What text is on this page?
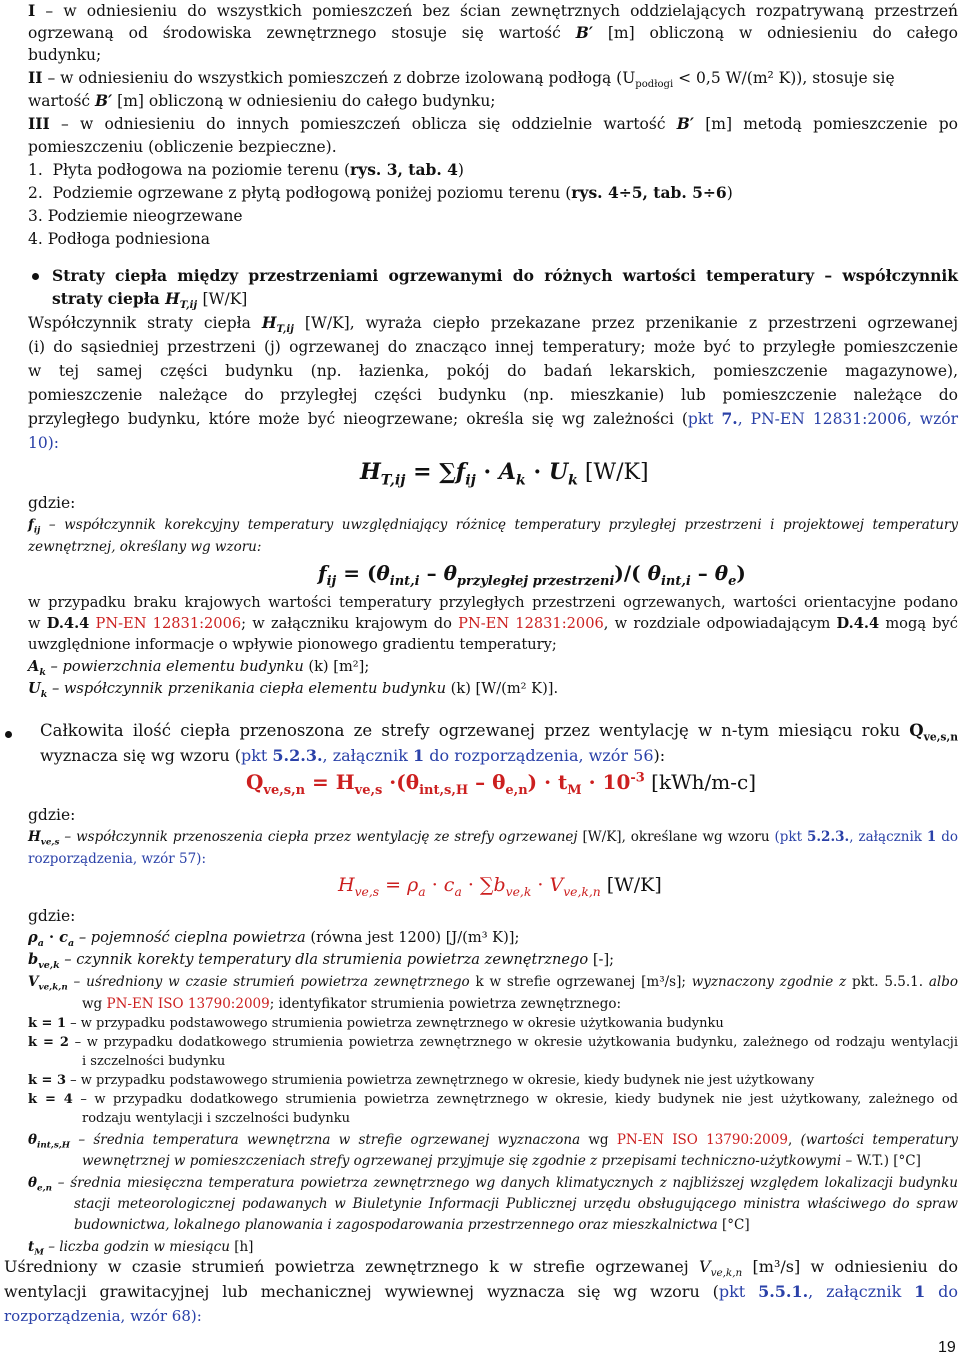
I – w odniesieniu do wszystkich pomieszczeń bez ścian zewnętrznych oddzielających rozpatrywaną przestrzeń

ogrzewaną od środowiska zewnętrznego stosuje się wartość B′ [m] obliczoną w odniesieniu do całego

budynku;

II – w odniesieniu do wszystkich pomieszczeń z dobrze izolowaną podłogą ($U_{podłogi} < 0,5$ W/(m² K)), stosuje się

wartość B′ [m] obliczoną w odniesieniu do całego budynku;

III – w odniesieniu do innych pomieszczeń oblicza się oddzielnie wartość B′ [m] metodą pomieszczenie po

pomieszczeniu (obliczenie bezpieczne).

1.  Płyta podłogowa na poziomie terenu (rys. 3, tab. 4)

2.  Podziemie ogrzewane z płytą podłogową poniżej poziomu terenu (rys. 4÷5, tab. 5÷6)

3. Podziemie nieogrzewane

4. Podłoga podniesiona

Straty ciepła między przestrzeniami ogrzewanymi do różnych wartości temperatury – współczynnik

straty ciepła $H_{T,ij}$ [W/K]

Współczynnik straty ciepła $H_{T,ij}$ [W/K], wyraża ciepło przekazane przez przenikanie z przestrzeni ogrzewanej

(i) do sąsiedniej przestrzeni (j) ogrzewanej do znacząco innej temperatury; może być to przyległe pomieszczenie

w tej samej części budynku (np. łazienka, pokój do badań lekarskich, pomieszczenie magazynowe),

pomieszczenie należące do przyległej części budynku (np. mieszkanie) lub pomieszczenie należące do

przyległego budynku, które może być nieogrzewane; określa się wg zależności (pkt 7., PN-EN 12831:2006, wzór

10):

$H_{T,ij} = \sum f_{ij} \cdot A_k \cdot U_k$ [W/K]

gdzie:

$f_{ij}$ – współczynnik korekcyjny temperatury uwzględniający różnicę temperatury przyległej przestrzeni i projektowej temperatury

zewnętrznej, określany wg wzoru:

$f_{ij} = (\theta_{int,i} - \theta_{przyległej przestrzeni})/$( $\theta_{int,i} - \theta_e$)

w przypadku braku krajowych wartości temperatury przyległych przestrzeni ogrzewanych, wartości orientacyjne podano

w D.4.4 PN-EN 12831:2006; w załączniku krajowym do PN-EN 12831:2006, w rozdziale odpowiadającym D.4.4 mogą być

uwzględnione informacje o wpływie pionowego gradientu temperatury;

$A_k$ – powierzchnia elementu budynku (k) [m²];

$U_k$ – współczynnik przenikania ciepła elementu budynku (k) [W/(m² K)].

Całkowita ilość ciepła przenoszona ze strefy ogrzewanej przez wentylację w n-tym miesiącu roku $Q_{ve,s,n}$

wyznacza się wg wzoru (pkt 5.2.3., załącznik 1 do rozporządzenia, wzór 56):

$Q_{ve,s,n} = H_{ve,s} \cdot(\theta_{int,s,H} - \theta_{e,n}) \cdot t_M \cdot 10^{-3}$ [kWh/m-c]

gdzie:

$H_{ve,s}$ – współczynnik przenoszenia ciepła przez wentylację ze strefy ogrzewanej [W/K], określane wg wzoru (pkt 5.2.3., załącznik 1 do

rozporządzenia, wzór 57):

$H_{ve,s} = \rho_a \cdot c_a \cdot \sum b_{ve,k} \cdot V_{ve,k,n}$ [W/K]

gdzie:

$\rho_a \cdot c_a$ – pojemność cieplna powietrza (równa jest 1200) [J/(m³ K)];

$b_{ve,k}$ – czynnik korekty temperatury dla strumienia powietrza zewnętrznego [-];

$V_{ve,k,n}$ – uśredniony w czasie strumień powietrza zewnętrznego k w strefie ogrzewanej [m³/s]; wyznaczony zgodnie z pkt. 5.5.1. albo

wg PN-EN ISO 13790:2009; identyfikator strumienia powietrza zewnętrznego:

k = 1 – w przypadku podstawowego strumienia powietrza zewnętrznego w okresie użytkowania budynku

k = 2 – w przypadku dodatkowego strumienia powietrza zewnętrznego w okresie użytkowania budynku, zależnego od rodzaju wentylacji

i szczelności budynku

k = 3 – w przypadku podstawowego strumienia powietrza zewnętrznego w okresie, kiedy budynek nie jest użytkowany

k = 4 – w przypadku dodatkowego strumienia powietrza zewnętrznego w okresie, kiedy budynek nie jest użytkowany, zależnego od

rodzaju wentylacji i szczelności budynku

$\theta_{int,s,H}$ – średnia temperatura wewnętrzna w strefie ogrzewanej wyznaczona wg PN-EN ISO 13790:2009, (wartości temperatury

wewnętrznej w pomieszczeniach strefy ogrzewanej przyjmuje się zgodnie z przepisami techniczno-użytkowymi – W.T.) [°C]

$\theta_{e,n}$ – średnia miesięczna temperatura powietrza zewnętrznego wg danych klimatycznych z najbliższej względem lokalizacji budynku

stacji meteorologicznej podawanych w Biuletynie Informacji Publicznej urzędu obsługującego ministra właściwego do spraw

budownictwa, lokalnego planowania i zagospodarowania przestrzennego oraz mieszkalnictwa [°C]

$t_M$ – liczba godzin w miesiącu [h]

Uśredniony w czasie strumień powietrza zewnętrznego k w strefie ogrzewanej $V_{ve,k,n}$ [m³/s] w odniesieniu do

wentylacji grawitacyjnej lub mechanicznej wywiewnej wyznacza się wg wzoru (pkt 5.5.1., załącznik 1 do

rozporządzenia, wzór 68):

19
